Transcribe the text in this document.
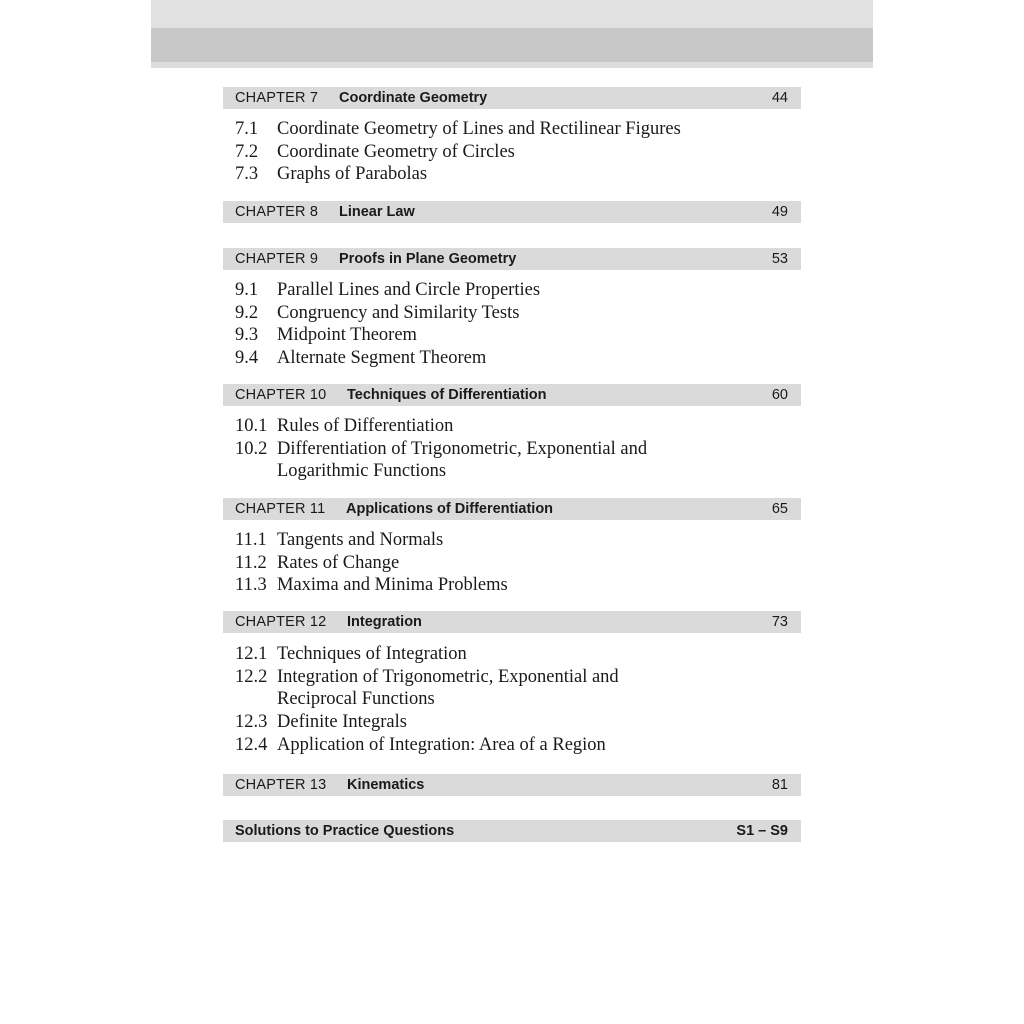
CHAPTER 7 Coordinate Geometry	44
7.1 Coordinate Geometry of Lines and Rectilinear Figures
7.2 Coordinate Geometry of Circles
7.3 Graphs of Parabolas
CHAPTER 8 Linear Law	49
CHAPTER 9 Proofs in Plane Geometry	53
9.1 Parallel Lines and Circle Properties
9.2 Congruency and Similarity Tests
9.3 Midpoint Theorem
9.4 Alternate Segment Theorem
CHAPTER 10 Techniques of Differentiation	60
10.1 Rules of Differentiation
10.2 Differentiation of Trigonometric, Exponential and
Logarithmic Functions
CHAPTER 11 Applications of Differentiation	65
11.1 Tangents and Normals
11.2 Rates of Change
11.3 Maxima and Minima Problems
CHAPTER 12 Integration	73
12.1 Techniques of Integration
12.2 Integration of Trigonometric, Exponential and
Reciprocal Functions
12.3 Definite Integrals
12.4 Application of Integration: Area of a Region
CHAPTER 13 Kinematics	81
Solutions to Practice Questions	S1 – S9
